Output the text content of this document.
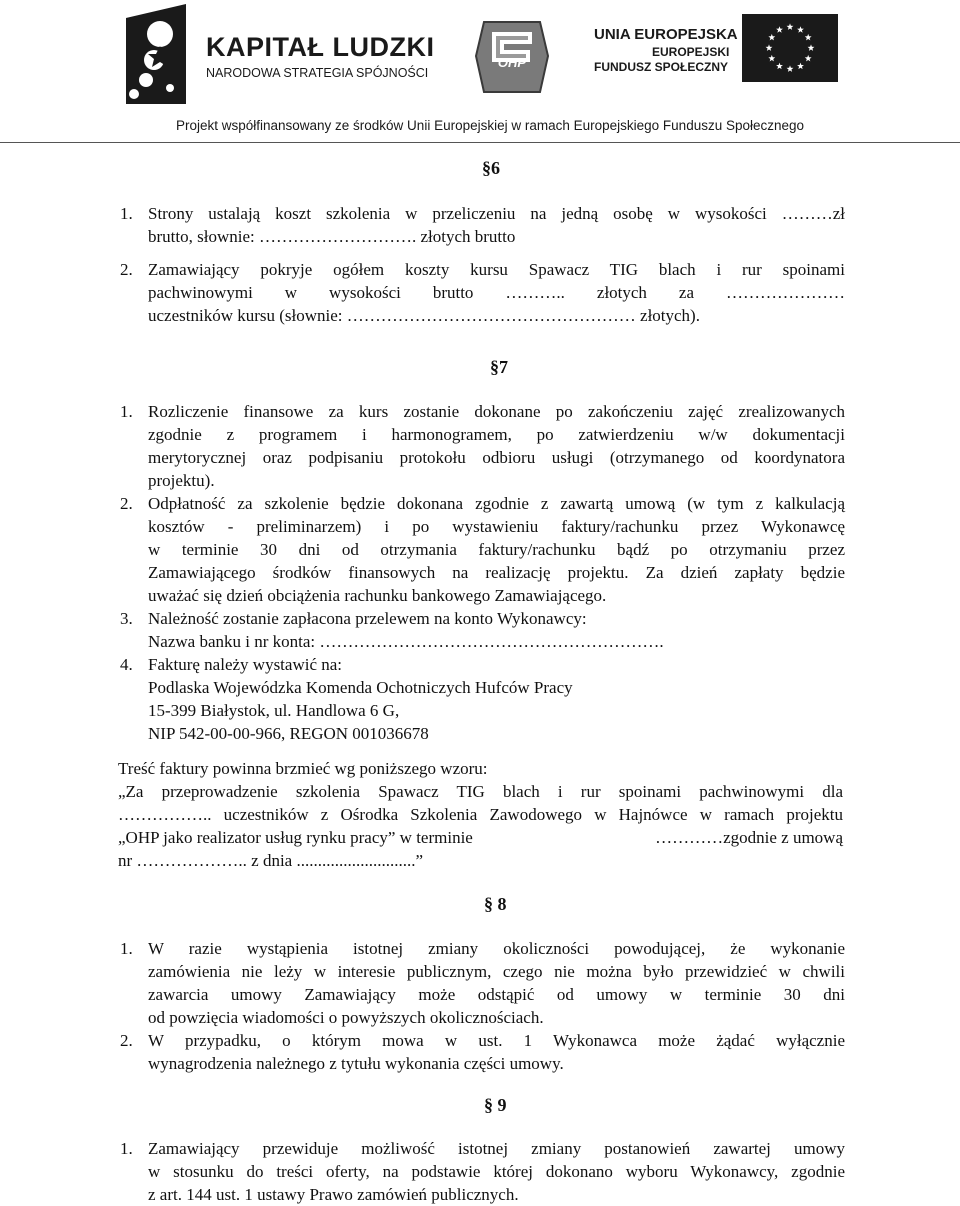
KAPITAŁ LUDZKI
NARODOWA STRATEGIA SPÓJNOŚCI
OHP
UNIA EUROPEJSKA
EUROPEJSKI
FUNDUSZ SPOŁECZNY
Projekt współfinansowany ze środków Unii Europejskiej w ramach Europejskiego Funduszu Społecznego
§6
1. Strony ustalają koszt szkolenia w przeliczeniu na jedną osobę w wysokości ………zł
brutto, słownie: ………………………. złotych brutto
2. Zamawiający pokryje ogółem koszty kursu Spawacz TIG blach i rur spoinami
pachwinowymi w wysokości brutto ……….. złotych za …………………
uczestników kursu (słownie: …………………………………………… złotych).
§7
1. Rozliczenie finansowe za kurs zostanie dokonane po zakończeniu zajęć zrealizowanych
zgodnie z programem i harmonogramem, po zatwierdzeniu w/w dokumentacji
merytorycznej oraz podpisaniu protokołu odbioru usługi (otrzymanego od koordynatora
projektu).
2. Odpłatność za szkolenie będzie dokonana zgodnie z zawartą umową (w tym z kalkulacją
kosztów - preliminarzem) i po wystawieniu faktury/rachunku przez Wykonawcę
w terminie 30 dni od otrzymania faktury/rachunku bądź po otrzymaniu przez
Zamawiającego środków finansowych na realizację projektu. Za dzień zapłaty będzie
uważać się dzień obciążenia rachunku bankowego Zamawiającego.
3. Należność zostanie zapłacona przelewem na konto Wykonawcy:
Nazwa banku i nr konta: …………………………………………………….
4. Fakturę należy wystawić na:
Podlaska Wojewódzka Komenda Ochotniczych Hufców Pracy
15-399 Białystok, ul. Handlowa 6 G,
NIP 542-00-00-966, REGON 001036678
Treść faktury powinna brzmieć wg poniższego wzoru:
„Za przeprowadzenie szkolenia Spawacz TIG blach i rur spoinami pachwinowymi dla
…………….. uczestników z Ośrodka Szkolenia Zawodowego w Hajnówce w ramach projektu
„OHP jako realizator usług rynku pracy” w terminie	…………zgodnie z umową
nr ……………….. z dnia ............................”
§ 8
1. W razie wystąpienia istotnej zmiany okoliczności powodującej, że wykonanie
zamówienia nie leży w interesie publicznym, czego nie można było przewidzieć w chwili
zawarcia umowy Zamawiający może odstąpić od umowy w terminie 30 dni
od powzięcia wiadomości o powyższych okolicznościach.
2. W przypadku, o którym mowa w ust. 1 Wykonawca może żądać wyłącznie
wynagrodzenia należnego z tytułu wykonania części umowy.
§ 9
1. Zamawiający przewiduje możliwość istotnej zmiany postanowień zawartej umowy
w stosunku do treści oferty, na podstawie której dokonano wyboru Wykonawcy, zgodnie
z art. 144 ust. 1 ustawy Prawo zamówień publicznych.
